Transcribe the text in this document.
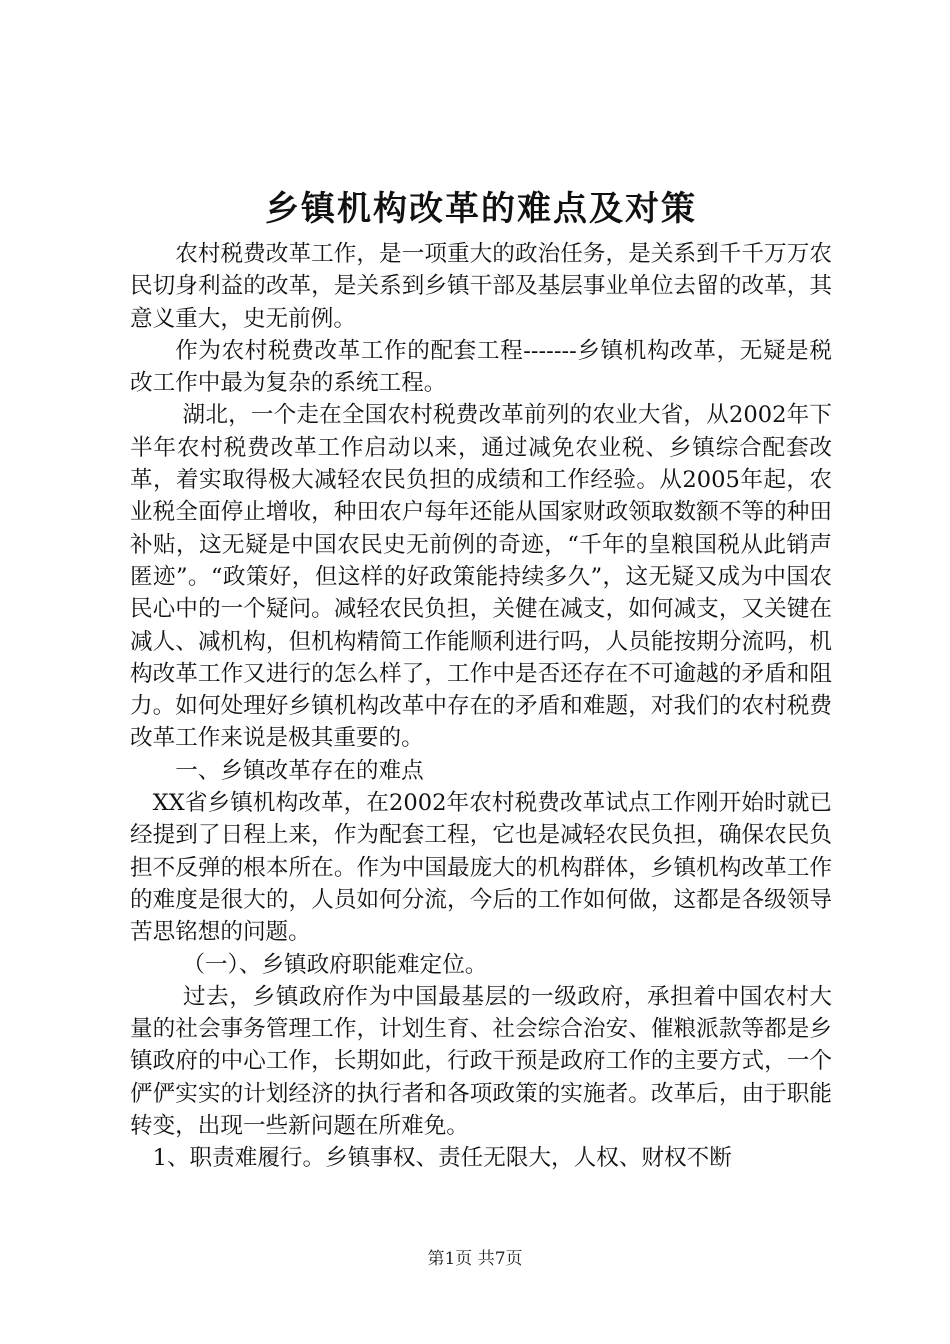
乡镇机构改革的难点及对策

农村税费改革工作，是一项重大的政治任务，是关系到千千万万农民切身利益的改革，是关系到乡镇干部及基层事业单位去留的改革，其意义重大，史无前例。

作为农村税费改革工作的配套工程-------乡镇机构改革，无疑是税改工作中最为复杂的系统工程。

湖北，一个走在全国农村税费改革前列的农业大省，从2002年下半年农村税费改革工作启动以来，通过减免农业税、乡镇综合配套改革，着实取得极大减轻农民负担的成绩和工作经验。从2005年起，农业税全面停止增收，种田农户每年还能从国家财政领取数额不等的种田补贴，这无疑是中国农民史无前例的奇迹，“千年的皇粮国税从此销声匿迹”。“政策好，但这样的好政策能持续多久”，这无疑又成为中国农民心中的一个疑问。减轻农民负担，关健在减支，如何减支，又关键在减人、减机构，但机构精简工作能顺利进行吗，人员能按期分流吗，机构改革工作又进行的怎么样了，工作中是否还存在不可逾越的矛盾和阻力。如何处理好乡镇机构改革中存在的矛盾和难题，对我们的农村税费改革工作来说是极其重要的。

一、乡镇改革存在的难点

XX省乡镇机构改革，在2002年农村税费改革试点工作刚开始时就已经提到了日程上来，作为配套工程，它也是减轻农民负担，确保农民负担不反弹的根本所在。作为中国最庞大的机构群体，乡镇机构改革工作的难度是很大的，人员如何分流，今后的工作如何做，这都是各级领导苦思铭想的问题。

（一）、乡镇政府职能难定位。

过去，乡镇政府作为中国最基层的一级政府，承担着中国农村大量的社会事务管理工作，计划生育、社会综合治安、催粮派款等都是乡镇政府的中心工作，长期如此，行政干预是政府工作的主要方式，一个俨俨实实的计划经济的执行者和各项政策的实施者。改革后，由于职能转变，出现一些新问题在所难免。

1、职责难履行。乡镇事权、责任无限大，人权、财权不断

第1页 共7页
